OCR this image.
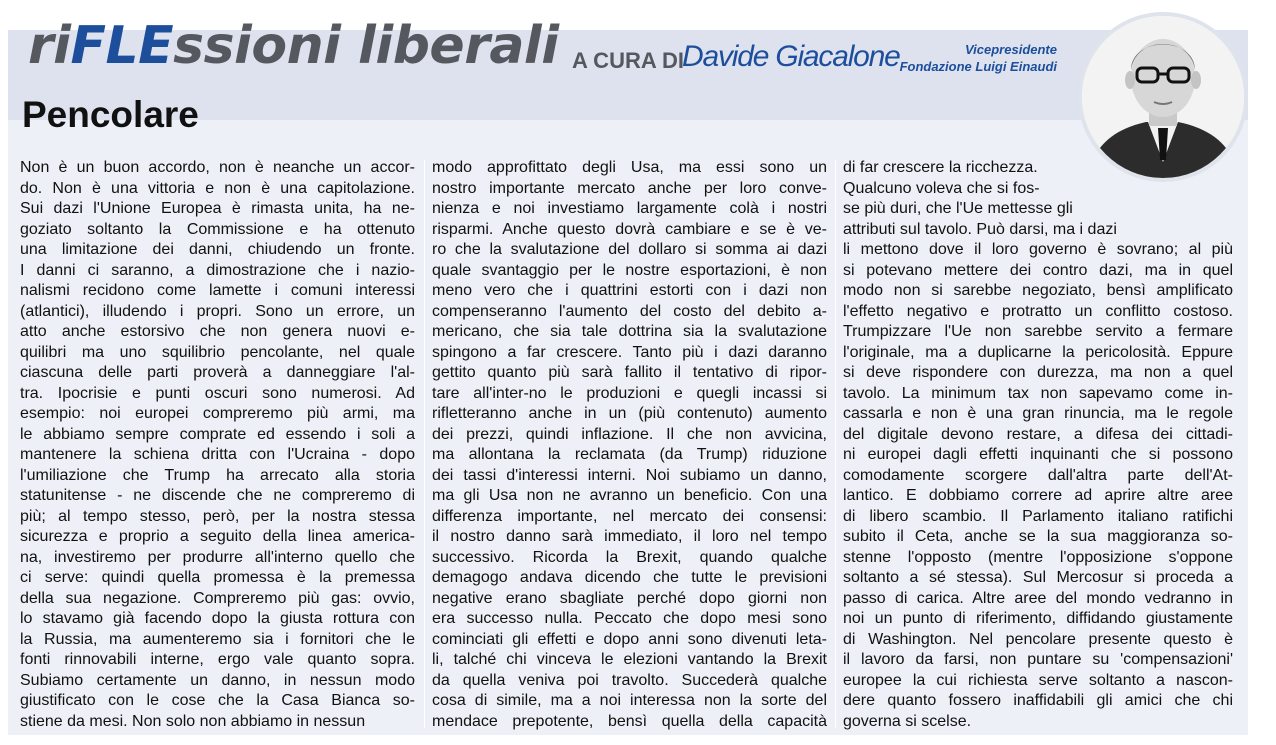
riFLEssioni liberali A CURA DI
Davide Giacalone	Vicepresidente
Fondazione Luigi Einaudi
Pencolare
Non è un buon accordo, non è neanche un accor-
do. Non è una vittoria e non è una capitolazione.
Sui dazi l'Unione Europea è rimasta unita, ha ne-
goziato soltanto la Commissione e ha ottenuto
una limitazione dei danni, chiudendo un fronte.
I danni ci saranno, a dimostrazione che i nazio-
nalismi recidono come lamette i comuni interessi
(atlantici), illudendo i propri. Sono un errore, un
atto anche estorsivo che non genera nuovi e-
quilibri ma uno squilibrio pencolante, nel quale
ciascuna delle parti proverà a danneggiare l'al-
tra. Ipocrisie e punti oscuri sono numerosi. Ad
esempio: noi europei compreremo più armi, ma
le abbiamo sempre comprate ed essendo i soli a
mantenere la schiena dritta con l'Ucraina - dopo
l'umiliazione che Trump ha arrecato alla storia
statunitense - ne discende che ne compreremo di
più; al tempo stesso, però, per la nostra stessa
sicurezza e proprio a seguito della linea america-
na, investiremo per produrre all'interno quello che
ci serve: quindi quella promessa è la premessa
della sua negazione. Compreremo più gas: ovvio,
lo stavamo già facendo dopo la giusta rottura con
la Russia, ma aumenteremo sia i fornitori che le
fonti rinnovabili interne, ergo vale quanto sopra.
Subiamo certamente un danno, in nessun modo
giustificato con le cose che la Casa Bianca so-
stiene da mesi. Non solo non abbiamo in nessun
modo approfittato degli Usa, ma essi sono un
nostro importante mercato anche per loro conve-
nienza e noi investiamo largamente colà i nostri
risparmi. Anche questo dovrà cambiare e se è ve-
ro che la svalutazione del dollaro si somma ai dazi
quale svantaggio per le nostre esportazioni, è non
meno vero che i quattrini estorti con i dazi non
compenseranno l'aumento del costo del debito a-
mericano, che sia tale dottrina sia la svalutazione
spingono a far crescere. Tanto più i dazi daranno
gettito quanto più sarà fallito il tentativo di ripor-
tare all'inter-no le produzioni e quegli incassi si
rifletteranno anche in un (più contenuto) aumento
dei prezzi, quindi inflazione. Il che non avvicina,
ma allontana la reclamata (da Trump) riduzione
dei tassi d'interessi interni. Noi subiamo un danno,
ma gli Usa non ne avranno un beneficio. Con una
differenza importante, nel mercato dei consensi:
il nostro danno sarà immediato, il loro nel tempo
successivo. Ricorda la Brexit, quando qualche
demagogo andava dicendo che tutte le previsioni
negative erano sbagliate perché dopo giorni non
era successo nulla. Peccato che dopo mesi sono
cominciati gli effetti e dopo anni sono divenuti leta-
li, talché chi vinceva le elezioni vantando la Brexit
da quella veniva poi travolto. Succederà qualche
cosa di simile, ma a noi interessa non la sorte del
mendace prepotente, bensì quella della capacità
di far crescere la ricchezza.
Qualcuno voleva che si fos-
se più duri, che l'Ue mettesse gli
attributi sul tavolo. Può darsi, ma i dazi
li mettono dove il loro governo è sovrano; al più
si potevano mettere dei contro dazi, ma in quel
modo non si sarebbe negoziato, bensì amplificato
l'effetto negativo e protratto un conflitto costoso.
Trumpizzare l'Ue non sarebbe servito a fermare
l'originale, ma a duplicarne la pericolosità. Eppure
si deve rispondere con durezza, ma non a quel
tavolo. La minimum tax non sapevamo come in-
cassarla e non è una gran rinuncia, ma le regole
del digitale devono restare, a difesa dei cittadi-
ni europei dagli effetti inquinanti che si possono
comodamente scorgere dall'altra parte dell'At-
lantico. E dobbiamo correre ad aprire altre aree
di libero scambio. Il Parlamento italiano ratifichi
subito il Ceta, anche se la sua maggioranza so-
stenne l'opposto (mentre l'opposizione s'oppone
soltanto a sé stessa). Sul Mercosur si proceda a
passo di carica. Altre aree del mondo vedranno in
noi un punto di riferimento, diffidando giustamente
di Washington. Nel pencolare presente questo è
il lavoro da farsi, non puntare su 'compensazioni'
europee la cui richiesta serve soltanto a nascon-
dere quanto fossero inaffidabili gli amici che chi
governa si scelse.
